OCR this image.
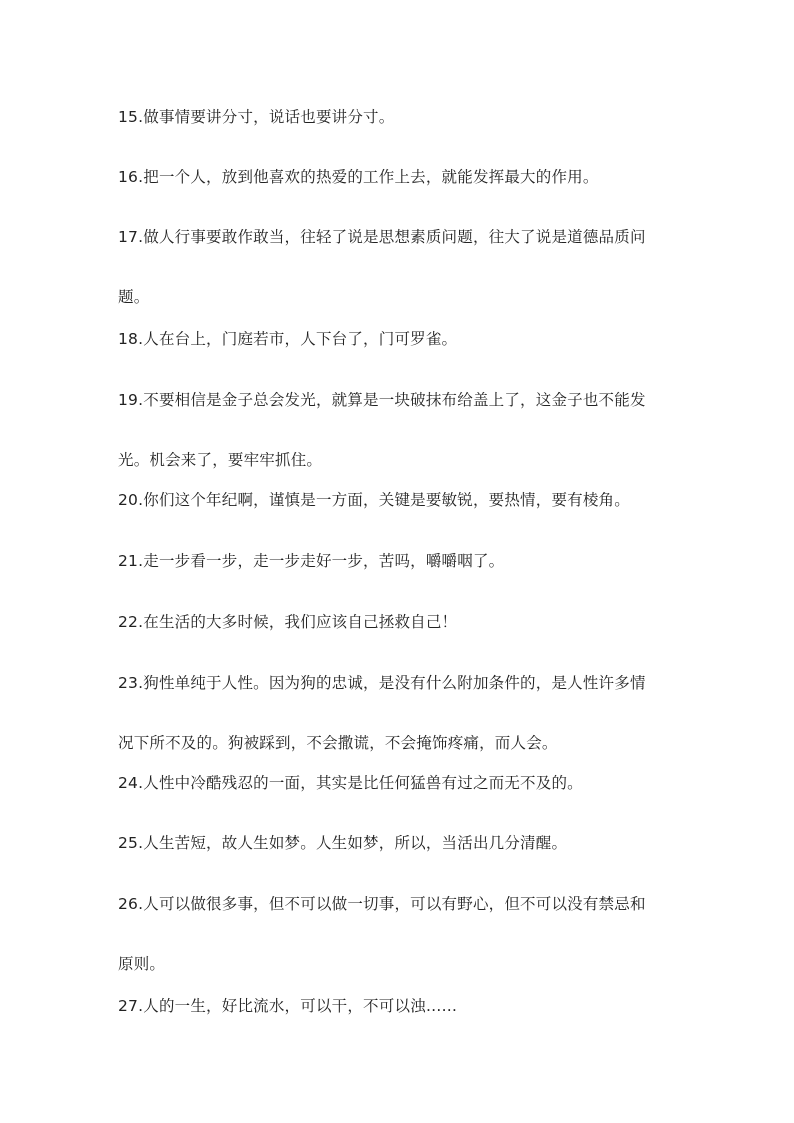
15.做事情要讲分寸，说话也要讲分寸。

16.把一个人，放到他喜欢的热爱的工作上去，就能发挥最大的作用。

17.做人行事要敢作敢当，往轻了说是思想素质问题，往大了说是道德品质问
题。

18.人在台上，门庭若市，人下台了，门可罗雀。

19.不要相信是金子总会发光，就算是一块破抹布给盖上了，这金子也不能发
光。机会来了，要牢牢抓住。

20.你们这个年纪啊，谨慎是一方面，关键是要敏锐，要热情，要有棱角。

21.走一步看一步，走一步走好一步，苦吗，嚼嚼咽了。

22.在生活的大多时候，我们应该自己拯救自己！

23.狗性单纯于人性。因为狗的忠诚，是没有什么附加条件的，是人性许多情
况下所不及的。狗被踩到，不会撒谎，不会掩饰疼痛，而人会。

24.人性中冷酷残忍的一面，其实是比任何猛兽有过之而无不及的。

25.人生苦短，故人生如梦。人生如梦，所以，当活出几分清醒。

26.人可以做很多事，但不可以做一切事，可以有野心，但不可以没有禁忌和
原则。

27.人的一生，好比流水，可以干，不可以浊……
